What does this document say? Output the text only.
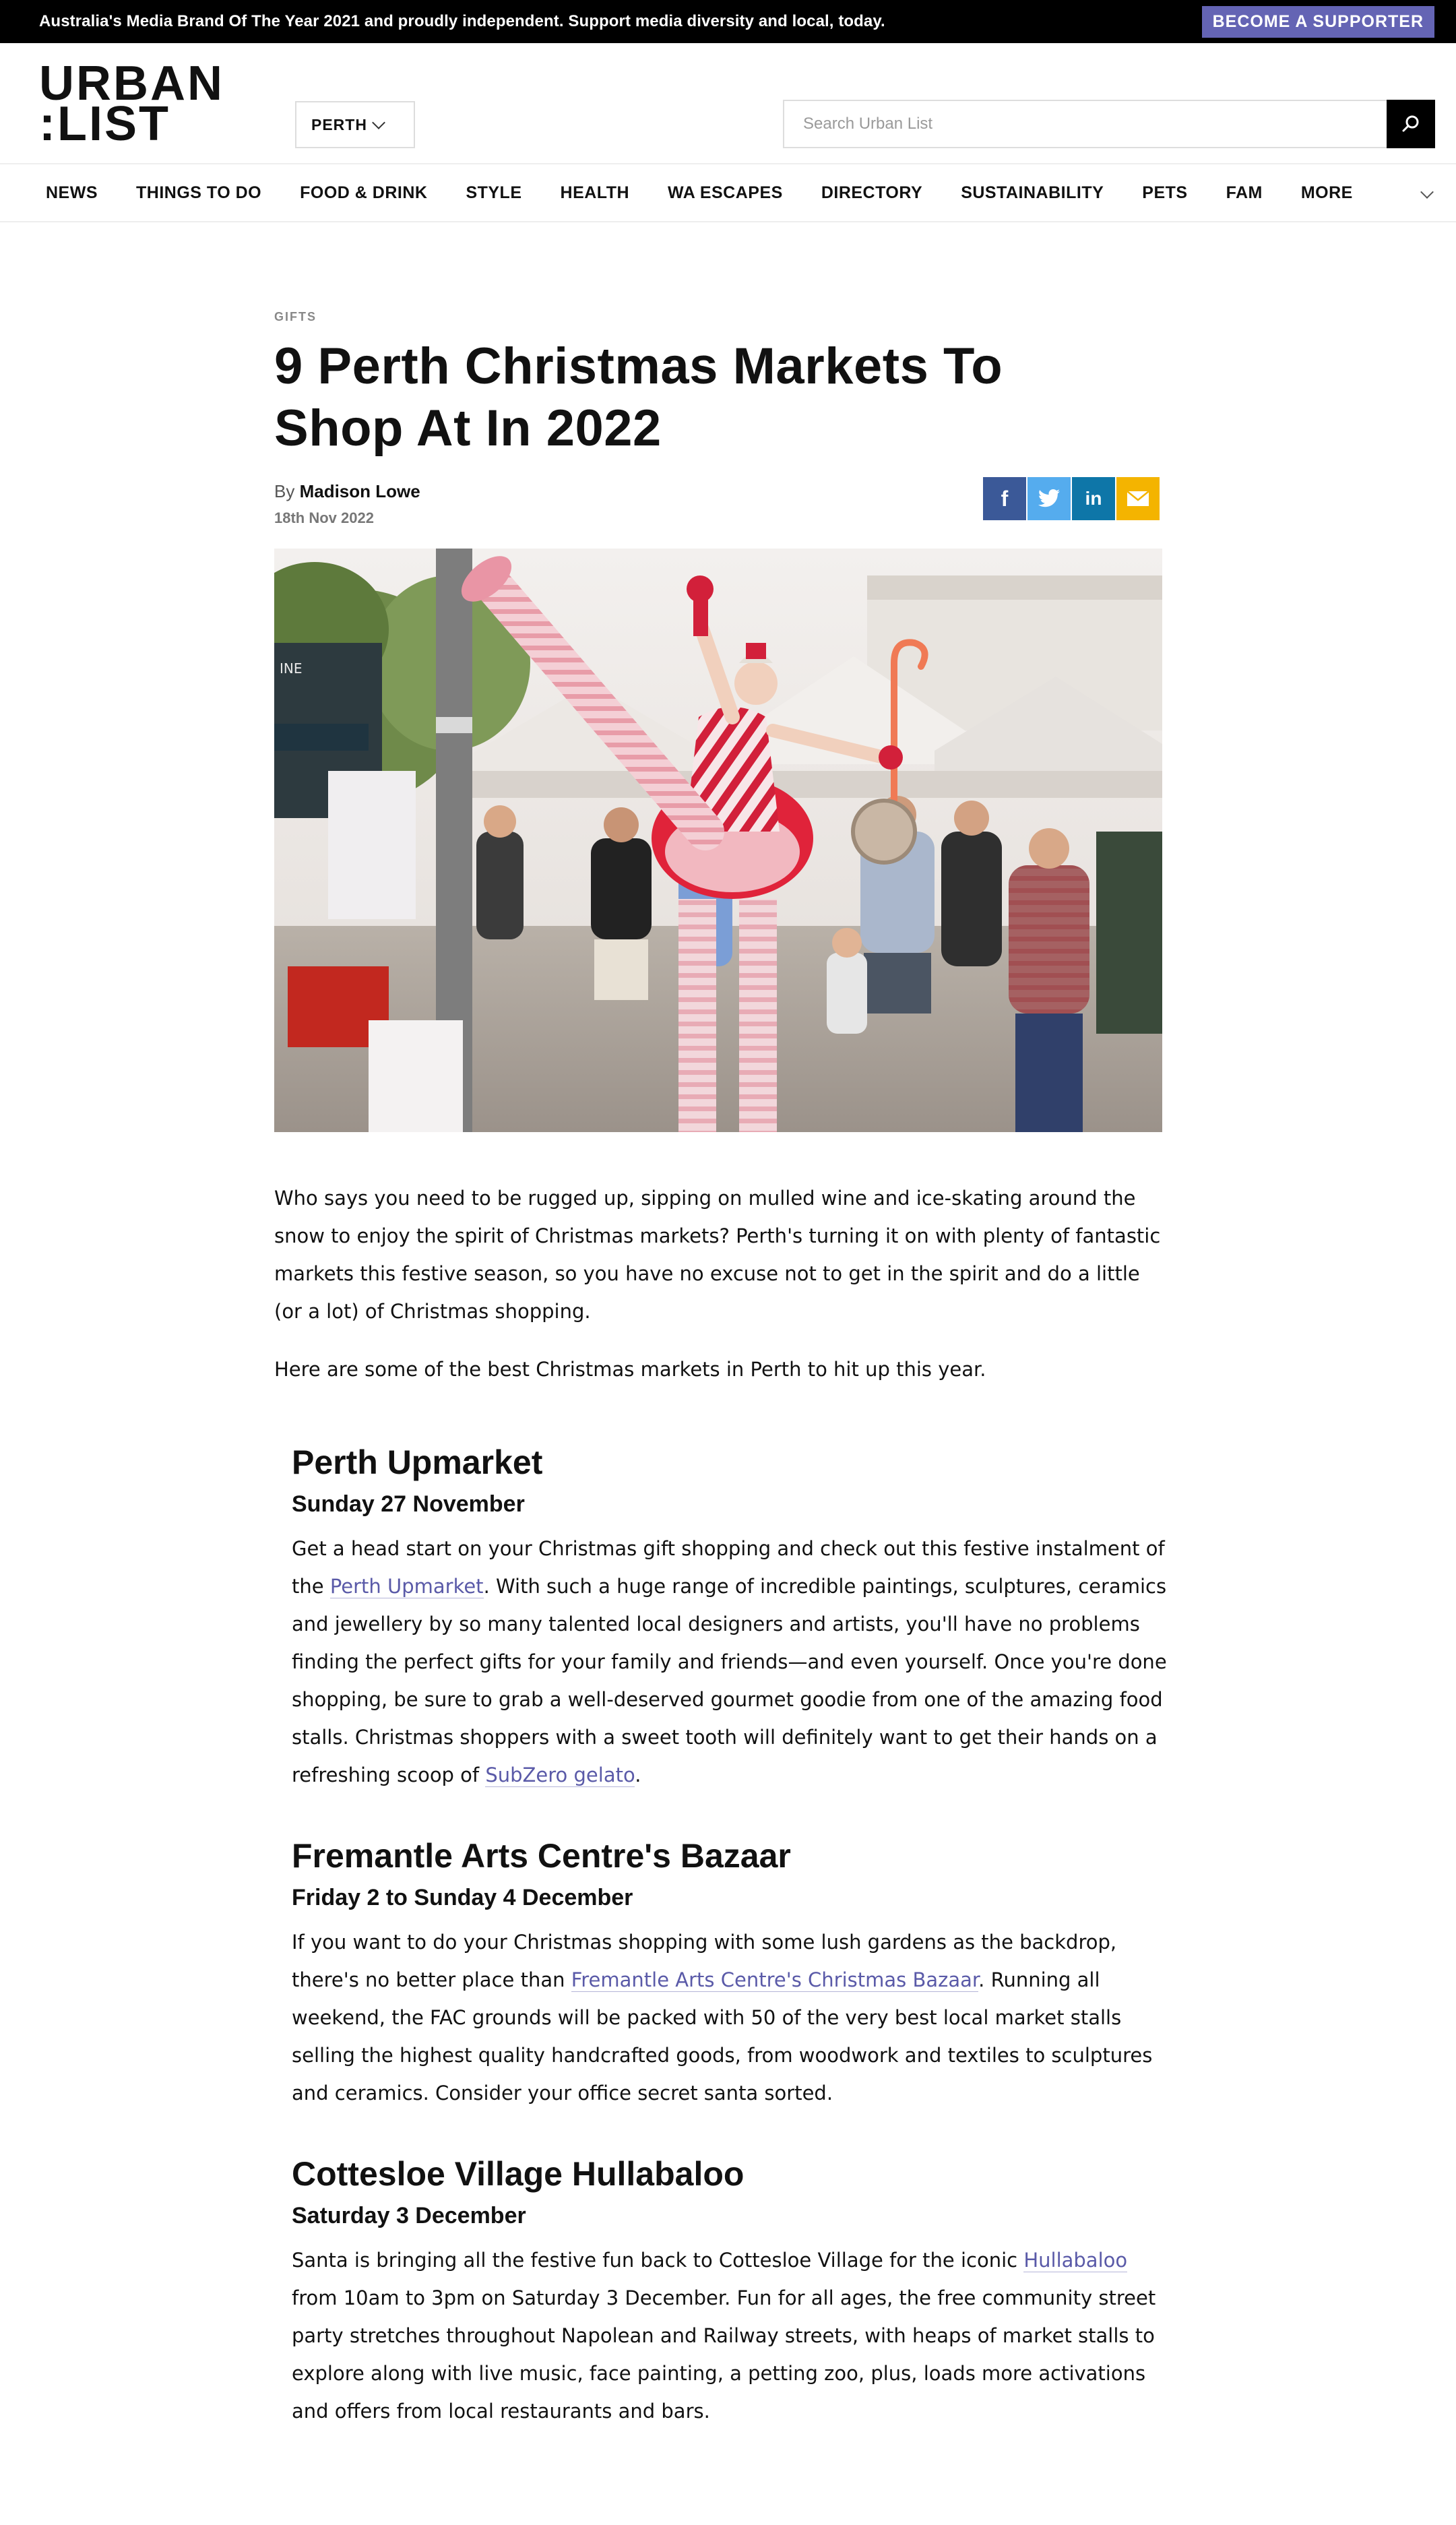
Australia's Media Brand Of The Year 2021 and proudly independent. Support media diversity and local, today.	BECOME A SUPPORTER
URBAN
:LIST	PERTH
Search Urban List
NEWS THINGS TO DO FOOD & DRINK STYLE HEALTH WA ESCAPES DIRECTORY SUSTAINABILITY PETS FAM MORE
GIFTS
9 Perth Christmas Markets To Shop At In 2022
By Madison Lowe
18th Nov 2022
f	in
INE

Who says you need to be rugged up, sipping on mulled wine and ice-skating around the snow to enjoy the spirit of Christmas markets? Perth's turning it on with plenty of fantastic markets this festive season, so you have no excuse not to get in the spirit and do a little (or a lot) of Christmas shopping.

Here are some of the best Christmas markets in Perth to hit up this year.

Perth Upmarket
Sunday 27 November

Get a head start on your Christmas gift shopping and check out this festive instalment of the Perth Upmarket. With such a huge range of incredible paintings, sculptures, ceramics and jewellery by so many talented local designers and artists, you'll have no problems finding the perfect gifts for your family and friends—and even yourself. Once you're done shopping, be sure to grab a well-deserved gourmet goodie from one of the amazing food stalls. Christmas shoppers with a sweet tooth will definitely want to get their hands on a refreshing scoop of SubZero gelato.

Fremantle Arts Centre's Bazaar
Friday 2 to Sunday 4 December

If you want to do your Christmas shopping with some lush gardens as the backdrop, there's no better place than Fremantle Arts Centre's Christmas Bazaar. Running all weekend, the FAC grounds will be packed with 50 of the very best local market stalls selling the highest quality handcrafted goods, from woodwork and textiles to sculptures and ceramics. Consider your office secret santa sorted.

Cottesloe Village Hullabaloo
Saturday 3 December

Santa is bringing all the festive fun back to Cottesloe Village for the iconic Hullabaloo from 10am to 3pm on Saturday 3 December. Fun for all ages, the free community street party stretches throughout Napolean and Railway streets, with heaps of market stalls to explore along with live music, face painting, a petting zoo, plus, loads more activations and offers from local restaurants and bars.
